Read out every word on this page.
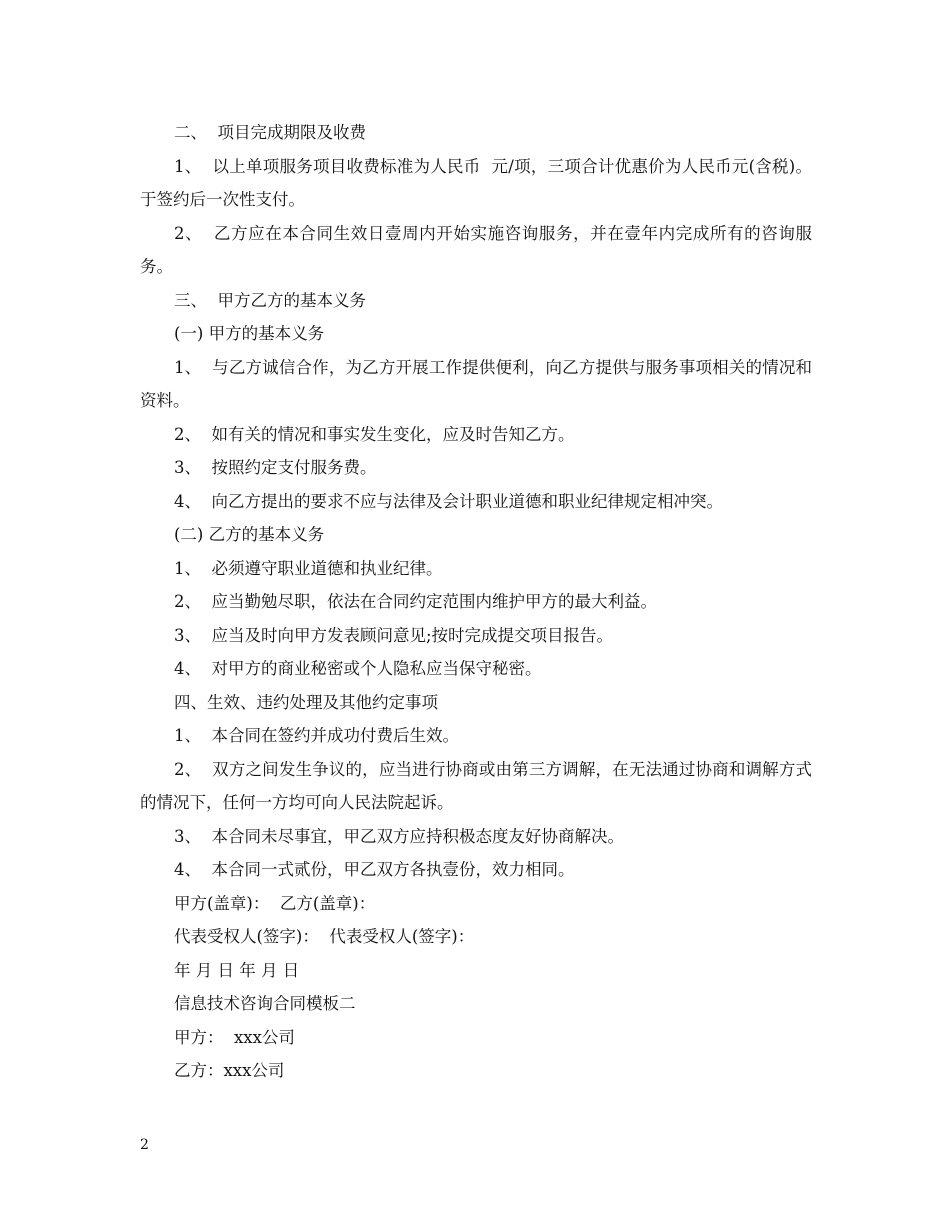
二、  项目完成期限及收费

1、  以上单项服务项目收费标准为人民币  元/项，三项合计优惠价为人民币元(含税)。于签约后一次性支付。

2、  乙方应在本合同生效日壹周内开始实施咨询服务，并在壹年内完成所有的咨询服务。

三、  甲方乙方的基本义务

(一) 甲方的基本义务

1、  与乙方诚信合作，为乙方开展工作提供便利，向乙方提供与服务事项相关的情况和资料。

2、  如有关的情况和事实发生变化，应及时告知乙方。

3、  按照约定支付服务费。

4、  向乙方提出的要求不应与法律及会计职业道德和职业纪律规定相冲突。

(二) 乙方的基本义务

1、  必须遵守职业道德和执业纪律。

2、  应当勤勉尽职，依法在合同约定范围内维护甲方的最大利益。

3、  应当及时向甲方发表顾问意见;按时完成提交项目报告。

4、  对甲方的商业秘密或个人隐私应当保守秘密。

四、生效、违约处理及其他约定事项

1、  本合同在签约并成功付费后生效。

2、  双方之间发生争议的，应当进行协商或由第三方调解，在无法通过协商和调解方式的情况下，任何一方均可向人民法院起诉。

3、  本合同未尽事宜，甲乙双方应持积极态度友好协商解决。

4、  本合同一式贰份，甲乙双方各执壹份，效力相同。

甲方(盖章)：  乙方(盖章)：

代表受权人(签字)：  代表受权人(签字)：

年 月 日 年 月 日

信息技术咨询合同模板二

甲方：  xxx公司

乙方：xxx公司

2
